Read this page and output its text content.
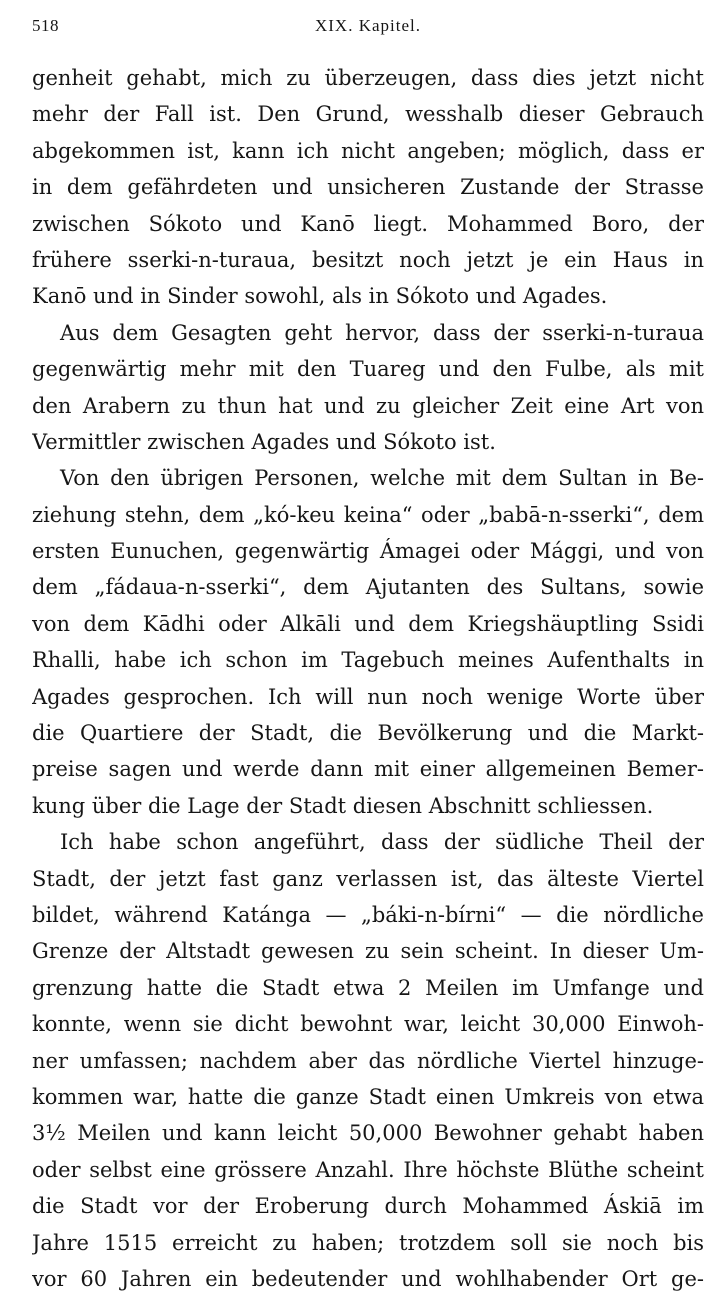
518	XIX. Kapitel.
genheit gehabt, mich zu überzeugen, dass dies jetzt nicht
mehr der Fall ist. Den Grund, wesshalb dieser Gebrauch
abgekommen ist, kann ich nicht angeben; möglich, dass er
in dem gefährdeten und unsicheren Zustande der Strasse
zwischen Sókoto und Kanō liegt. Mohammed Boro, der
frühere sserki-n-turaua, besitzt noch jetzt je ein Haus in
Kanō und in Sinder sowohl, als in Sókoto und Agades.
Aus dem Gesagten geht hervor, dass der sserki-n-turaua
gegenwärtig mehr mit den Tuareg und den Fulbe, als mit
den Arabern zu thun hat und zu gleicher Zeit eine Art von
Vermittler zwischen Agades und Sókoto ist.
Von den übrigen Personen, welche mit dem Sultan in Be-
ziehung stehn, dem „kó-keu keina“ oder „babā-n-sserki“, dem
ersten Eunuchen, gegenwärtig Ámagei oder Mággi, und von
dem „fádaua-n-sserki“, dem Ajutanten des Sultans, sowie
von dem Kādhi oder Alkāli und dem Kriegshäuptling Ssidi
Rhalli, habe ich schon im Tagebuch meines Aufenthalts in
Agades gesprochen. Ich will nun noch wenige Worte über
die Quartiere der Stadt, die Bevölkerung und die Markt-
preise sagen und werde dann mit einer allgemeinen Bemer-
kung über die Lage der Stadt diesen Abschnitt schliessen.
Ich habe schon angeführt, dass der südliche Theil der
Stadt, der jetzt fast ganz verlassen ist, das älteste Viertel
bildet, während Katánga — „báki-n-bírni“ — die nördliche
Grenze der Altstadt gewesen zu sein scheint. In dieser Um-
grenzung hatte die Stadt etwa 2 Meilen im Umfange und
konnte, wenn sie dicht bewohnt war, leicht 30,000 Einwoh-
ner umfassen; nachdem aber das nördliche Viertel hinzuge-
kommen war, hatte die ganze Stadt einen Umkreis von etwa
3½ Meilen und kann leicht 50,000 Bewohner gehabt haben
oder selbst eine grössere Anzahl. Ihre höchste Blüthe scheint
die Stadt vor der Eroberung durch Mohammed Áskiā im
Jahre 1515 erreicht zu haben; trotzdem soll sie noch bis
vor 60 Jahren ein bedeutender und wohlhabender Ort ge-
